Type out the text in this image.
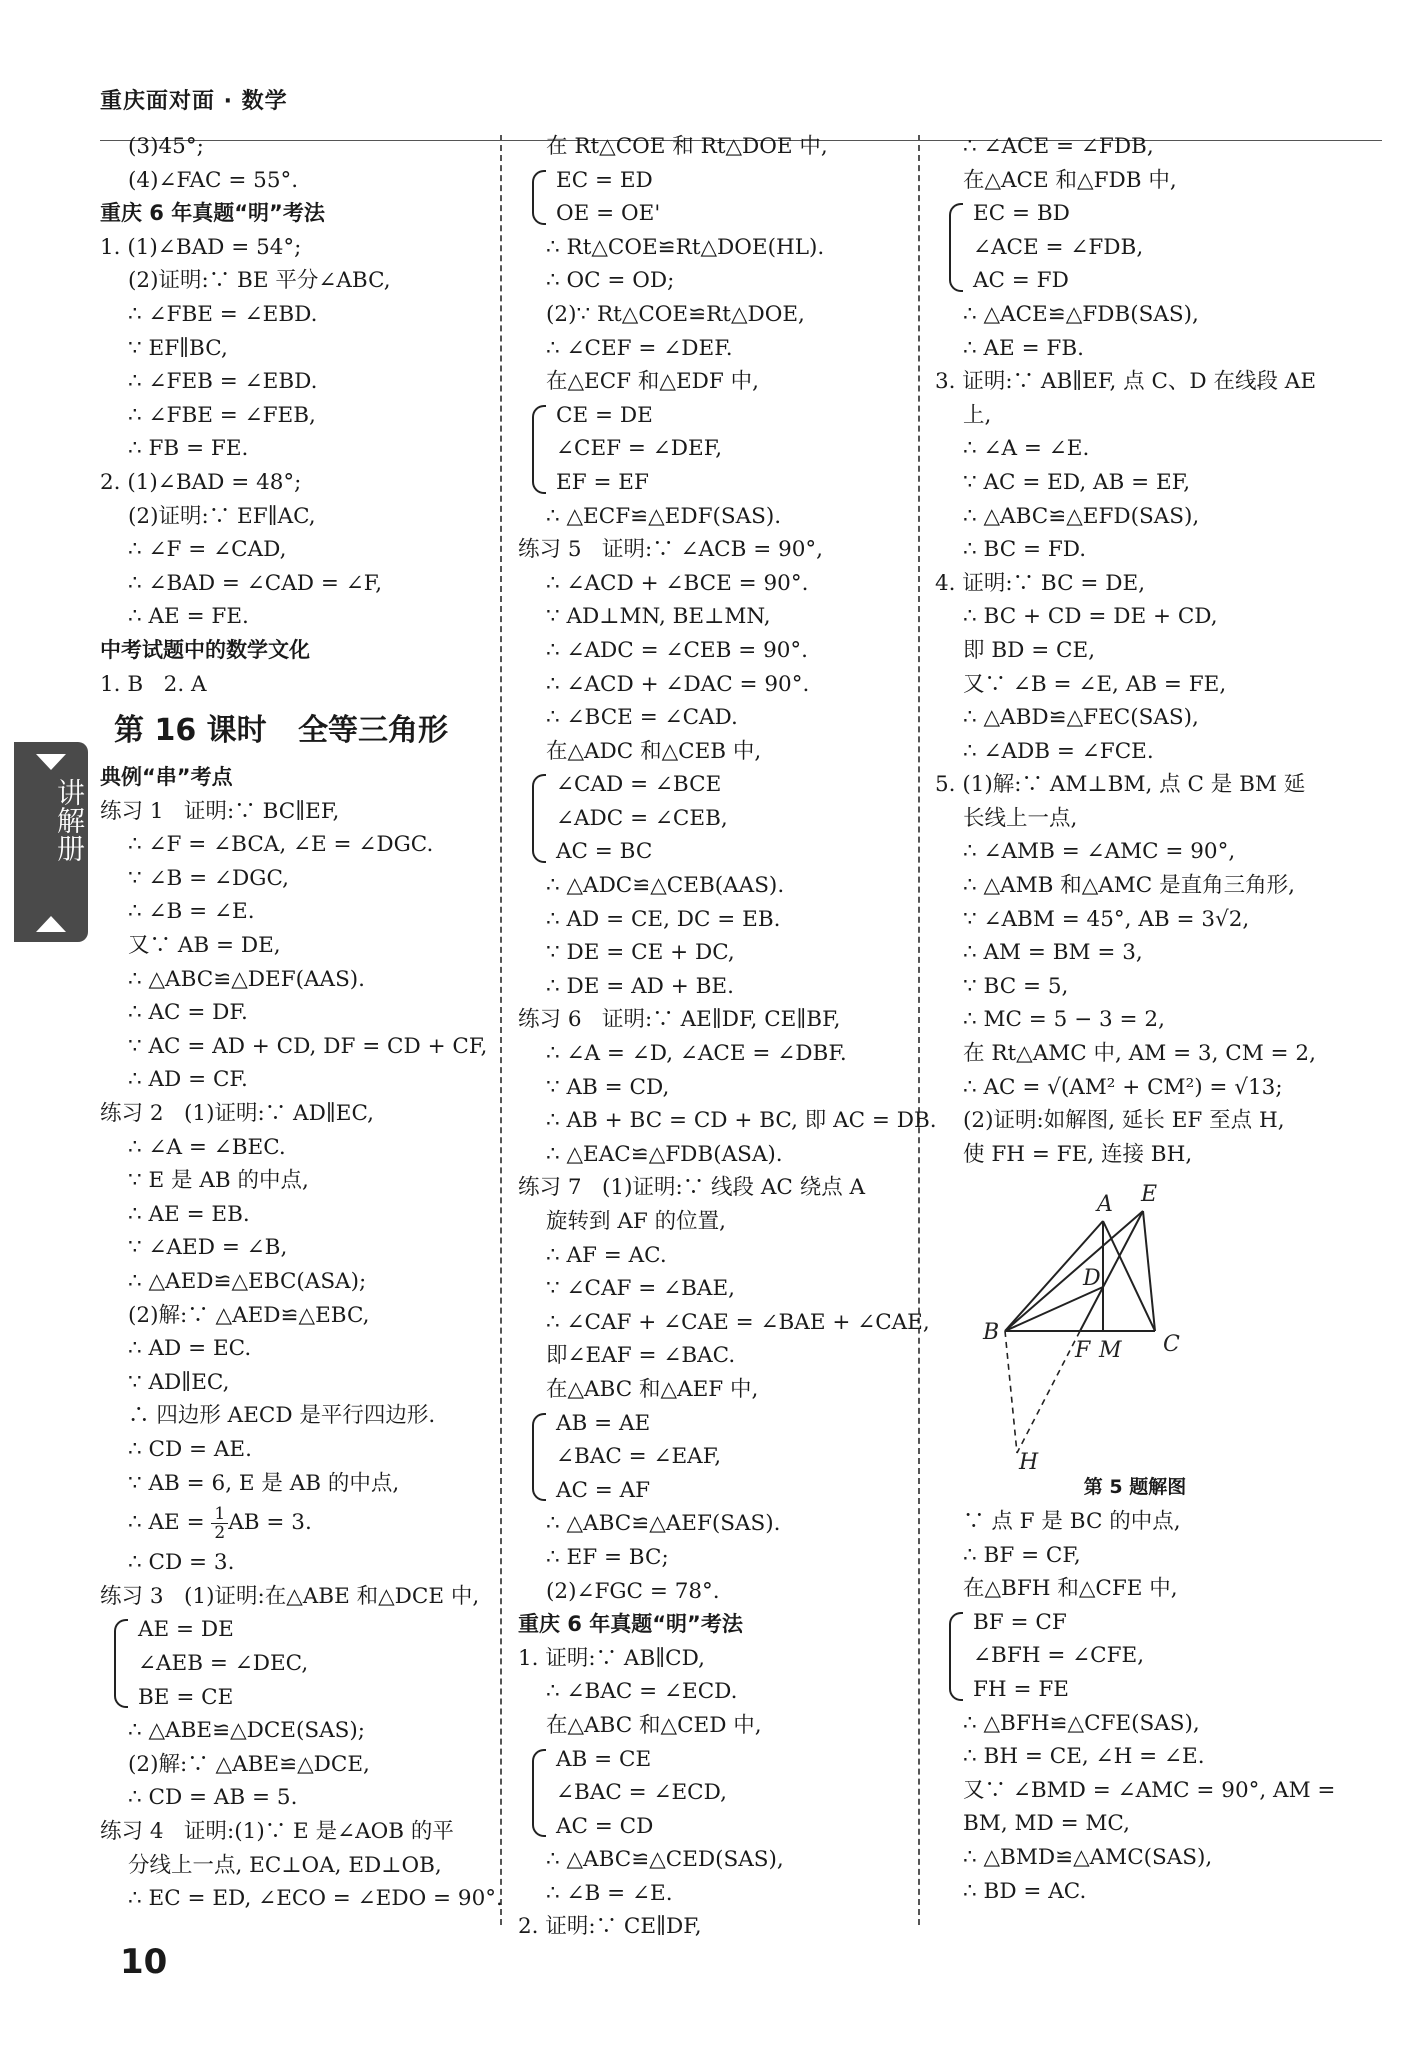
重庆面对面 · 数学
讲解册
(3)45°;
(4)∠FAC = 55°.
重庆 6 年真题“明”考法
1. (1)∠BAD = 54°;
(2)证明:∵ BE 平分∠ABC,
∴ ∠FBE = ∠EBD.
∵ EF∥BC,
∴ ∠FEB = ∠EBD.
∴ ∠FBE = ∠FEB,
∴ FB = FE.
2. (1)∠BAD = 48°;
(2)证明:∵ EF∥AC,
∴ ∠F = ∠CAD,
∴ ∠BAD = ∠CAD = ∠F,
∴ AE = FE.
中考试题中的数学文化
1. B   2. A
第 16 课时   全等三角形
典例“串”考点
练习 1   证明:∵ BC∥EF,
∴ ∠F = ∠BCA, ∠E = ∠DGC.
∵ ∠B = ∠DGC,
∴ ∠B = ∠E.
又∵ AB = DE,
∴ △ABC≌△DEF(AAS).
∴ AC = DF.
∵ AC = AD + CD, DF = CD + CF,
∴ AD = CF.
练习 2   (1)证明:∵ AD∥EC,
∴ ∠A = ∠BEC.
∵ E 是 AB 的中点,
∴ AE = EB.
∵ ∠AED = ∠B,
∴ △AED≌△EBC(ASA);
(2)解:∵ △AED≌△EBC,
∴ AD = EC.
∵ AD∥EC,
∴ 四边形 AECD 是平行四边形.
∴ CD = AE.
∵ AB = 6, E 是 AB 的中点,
∴ AE = $\frac{1}{2}$ AB = 3.
∴ CD = 3.
练习 3   (1)证明:在△ABE 和△DCE 中,
AE = DE
∠AEB = ∠DEC,
BE = CE
∴ △ABE≌△DCE(SAS);
(2)解:∵ △ABE≌△DCE,
∴ CD = AB = 5.
练习 4   证明:(1)∵ E 是∠AOB 的平
分线上一点, EC⊥OA, ED⊥OB,
∴ EC = ED, ∠ECO = ∠EDO = 90°.
在 Rt△COE 和 Rt△DOE 中,
EC = ED
OE = OE'
∴ Rt△COE≌Rt△DOE(HL).
∴ OC = OD;
(2)∵ Rt△COE≌Rt△DOE,
∴ ∠CEF = ∠DEF.
在△ECF 和△EDF 中,
CE = DE
∠CEF = ∠DEF,
EF = EF
∴ △ECF≌△EDF(SAS).
练习 5   证明:∵ ∠ACB = 90°,
∴ ∠ACD + ∠BCE = 90°.
∵ AD⊥MN, BE⊥MN,
∴ ∠ADC = ∠CEB = 90°.
∴ ∠ACD + ∠DAC = 90°.
∴ ∠BCE = ∠CAD.
在△ADC 和△CEB 中,
∠CAD = ∠BCE
∠ADC = ∠CEB,
AC = BC
∴ △ADC≌△CEB(AAS).
∴ AD = CE, DC = EB.
∵ DE = CE + DC,
∴ DE = AD + BE.
练习 6   证明:∵ AE∥DF, CE∥BF,
∴ ∠A = ∠D, ∠ACE = ∠DBF.
∵ AB = CD,
∴ AB + BC = CD + BC, 即 AC = DB.
∴ △EAC≌△FDB(ASA).
练习 7   (1)证明:∵ 线段 AC 绕点 A
旋转到 AF 的位置,
∴ AF = AC.
∵ ∠CAF = ∠BAE,
∴ ∠CAF + ∠CAE = ∠BAE + ∠CAE,
即∠EAF = ∠BAC.
在△ABC 和△AEF 中,
AB = AE
∠BAC = ∠EAF,
AC = AF
∴ △ABC≌△AEF(SAS).
∴ EF = BC;
(2)∠FGC = 78°.
重庆 6 年真题“明”考法
1. 证明:∵ AB∥CD,
∴ ∠BAC = ∠ECD.
在△ABC 和△CED 中,
AB = CE
∠BAC = ∠ECD,
AC = CD
∴ △ABC≌△CED(SAS),
∴ ∠B = ∠E.
2. 证明:∵ CE∥DF,
∴ ∠ACE = ∠FDB,
在△ACE 和△FDB 中,
EC = BD
∠ACE = ∠FDB,
AC = FD
∴ △ACE≌△FDB(SAS),
∴ AE = FB.
3. 证明:∵ AB∥EF, 点 C、D 在线段 AE
上,
∴ ∠A = ∠E.
∵ AC = ED, AB = EF,
∴ △ABC≌△EFD(SAS),
∴ BC = FD.
4. 证明:∵ BC = DE,
∴ BC + CD = DE + CD,
即 BD = CE,
又∵ ∠B = ∠E, AB = FE,
∴ △ABD≌△FEC(SAS),
∴ ∠ADB = ∠FCE.
5. (1)解:∵ AM⊥BM, 点 C 是 BM 延
长线上一点,
∴ ∠AMB = ∠AMC = 90°,
∴ △AMB 和△AMC 是直角三角形,
∵ ∠ABM = 45°, AB = 3√2,
∴ AM = BM = 3,
∵ BC = 5,
∴ MC = 5 − 3 = 2,
在 Rt△AMC 中, AM = 3, CM = 2,
∴ AC = √(AM² + CM²) = √13;
(2)证明:如解图, 延长 EF 至点 H,
使 FH = FE, 连接 BH,
A E
D
B
F M C
H
第 5 题解图
∵ 点 F 是 BC 的中点,
∴ BF = CF,
在△BFH 和△CFE 中,
BF = CF
∠BFH = ∠CFE,
FH = FE
∴ △BFH≌△CFE(SAS),
∴ BH = CE, ∠H = ∠E.
又∵ ∠BMD = ∠AMC = 90°, AM =
BM, MD = MC,
∴ △BMD≌△AMC(SAS),
∴ BD = AC.
10
